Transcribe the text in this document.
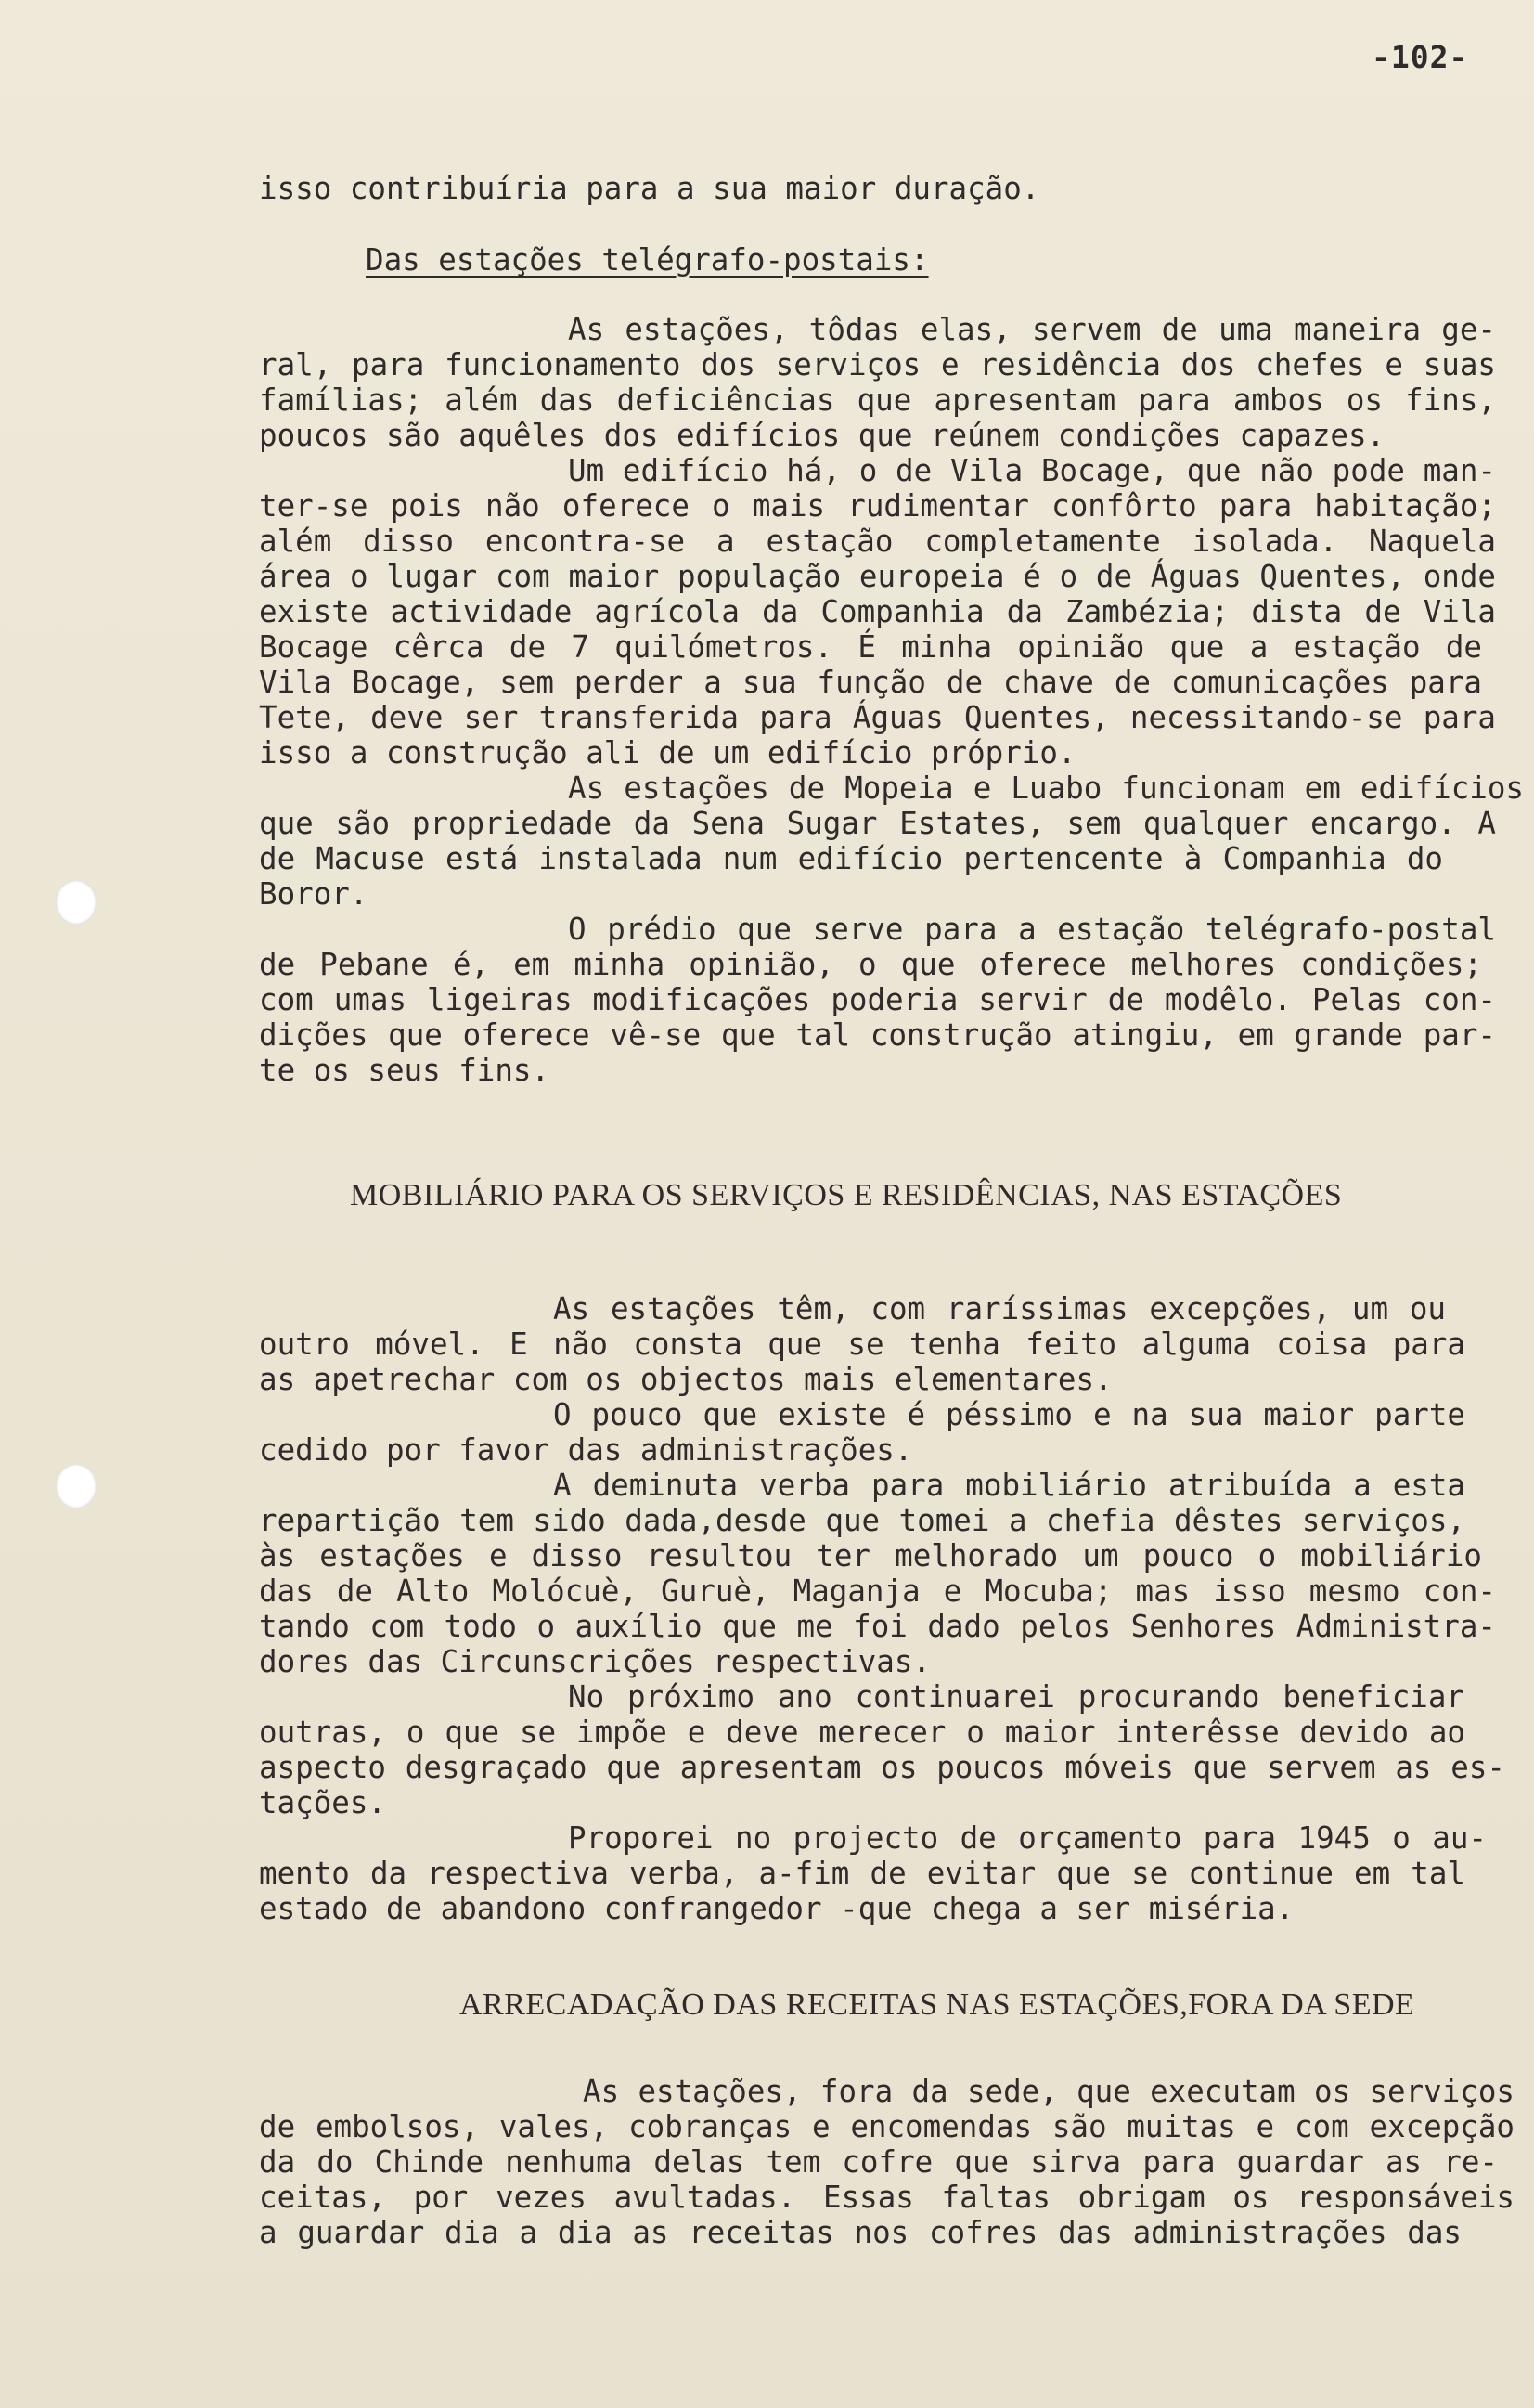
-102-
isso contribuíria para a sua maior duração.
Das estações telégrafo-postais:
As estações, tôdas elas, servem de uma maneira ge-
ral, para funcionamento dos serviços e residência dos chefes e suas
famílias; além das deficiências que apresentam para ambos os fins,
poucos são aquêles dos edifícios que reúnem condições capazes.
Um edifício há, o de Vila Bocage, que não pode man-
ter-se pois não oferece o mais rudimentar confôrto para habitação;
além disso encontra-se a estação completamente isolada. Naquela
área o lugar com maior população europeia é o de Águas Quentes, onde
existe actividade agrícola da Companhia da Zambézia; dista de Vila
Bocage cêrca de 7 quilómetros. É minha opinião que a estação de
Vila Bocage, sem perder a sua função de chave de comunicações para
Tete, deve ser transferida para Águas Quentes, necessitando-se para
isso a construção ali de um edifício próprio.
As estações de Mopeia e Luabo funcionam em edifícios
que são propriedade da Sena Sugar Estates, sem qualquer encargo. A
de Macuse está instalada num edifício pertencente à Companhia do
Boror.
O prédio que serve para a estação telégrafo-postal
de Pebane é, em minha opinião, o que oferece melhores condições;
com umas ligeiras modificações poderia servir de modêlo. Pelas con-
dições que oferece vê-se que tal construção atingiu, em grande par-
te os seus fins.
MOBILIÁRIO PARA OS SERVIÇOS E RESIDÊNCIAS, NAS ESTAÇÕES
As estações têm, com raríssimas excepções, um ou
outro móvel. E não consta que se tenha feito alguma coisa para
as apetrechar com os objectos mais elementares.
O pouco que existe é péssimo e na sua maior parte
cedido por favor das administrações.
A deminuta verba para mobiliário atribuída a esta
repartição tem sido dada,desde que tomei a chefia dêstes serviços,
às estações e disso resultou ter melhorado um pouco o mobiliário
das de Alto Molócuè, Guruè, Maganja e Mocuba; mas isso mesmo con-
tando com todo o auxílio que me foi dado pelos Senhores Administra-
dores das Circunscrições respectivas.
No próximo ano continuarei procurando beneficiar
outras, o que se impõe e deve merecer o maior interêsse devido ao
aspecto desgraçado que apresentam os poucos móveis que servem as es-
tações.
Proporei no projecto de orçamento para 1945 o au-
mento da respectiva verba, a-fim de evitar que se continue em tal
estado de abandono confrangedor -que chega a ser miséria.
ARRECADAÇÃO DAS RECEITAS NAS ESTAÇÕES,FORA DA SEDE
As estações, fora da sede, que executam os serviços
de embolsos, vales, cobranças e encomendas são muitas e com excepção
da do Chinde nenhuma delas tem cofre que sirva para guardar as re-
ceitas, por vezes avultadas. Essas faltas obrigam os responsáveis
a guardar dia a dia as receitas nos cofres das administrações das
